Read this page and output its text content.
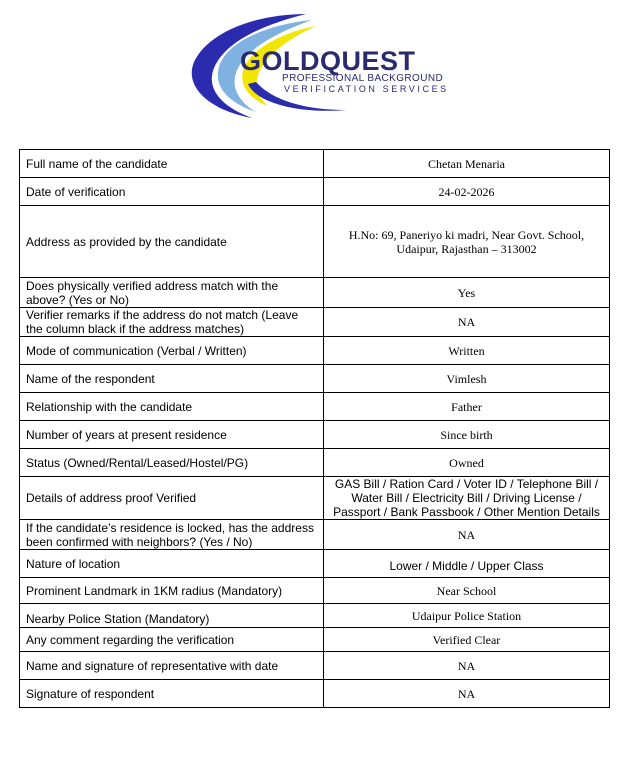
GOLDQUEST
PROFESSIONAL BACKGROUND
VERIFICATION SERVICES
Full name of the candidate	Chetan Menaria
Date of verification	24-02-2026
Address as provided by the candidate	H.No: 69, Paneriyo ki madri, Near Govt. School, Udaipur, Rajasthan – 313002
Does physically verified address match with the above? (Yes or No)	Yes
Verifier remarks if the address do not match (Leave the column black if the address matches)	NA
Mode of communication (Verbal / Written)	Written
Name of the respondent	Vimlesh
Relationship with the candidate	Father
Number of years at present residence	Since birth
Status (Owned/Rental/Leased/Hostel/PG)	Owned
Details of address proof Verified	GAS Bill / Ration Card / Voter ID / Telephone Bill / Water Bill / Electricity Bill / Driving License / Passport / Bank Passbook / Other Mention Details
If the candidate’s residence is locked, has the address been confirmed with neighbors? (Yes / No)	NA
Nature of location	Lower / Middle / Upper Class
Prominent Landmark in 1KM radius (Mandatory)	Near School
Nearby Police Station (Mandatory)	Udaipur Police Station
Any comment regarding the verification	Verified Clear
Name and signature of representative with date	NA
Signature of respondent	NA
